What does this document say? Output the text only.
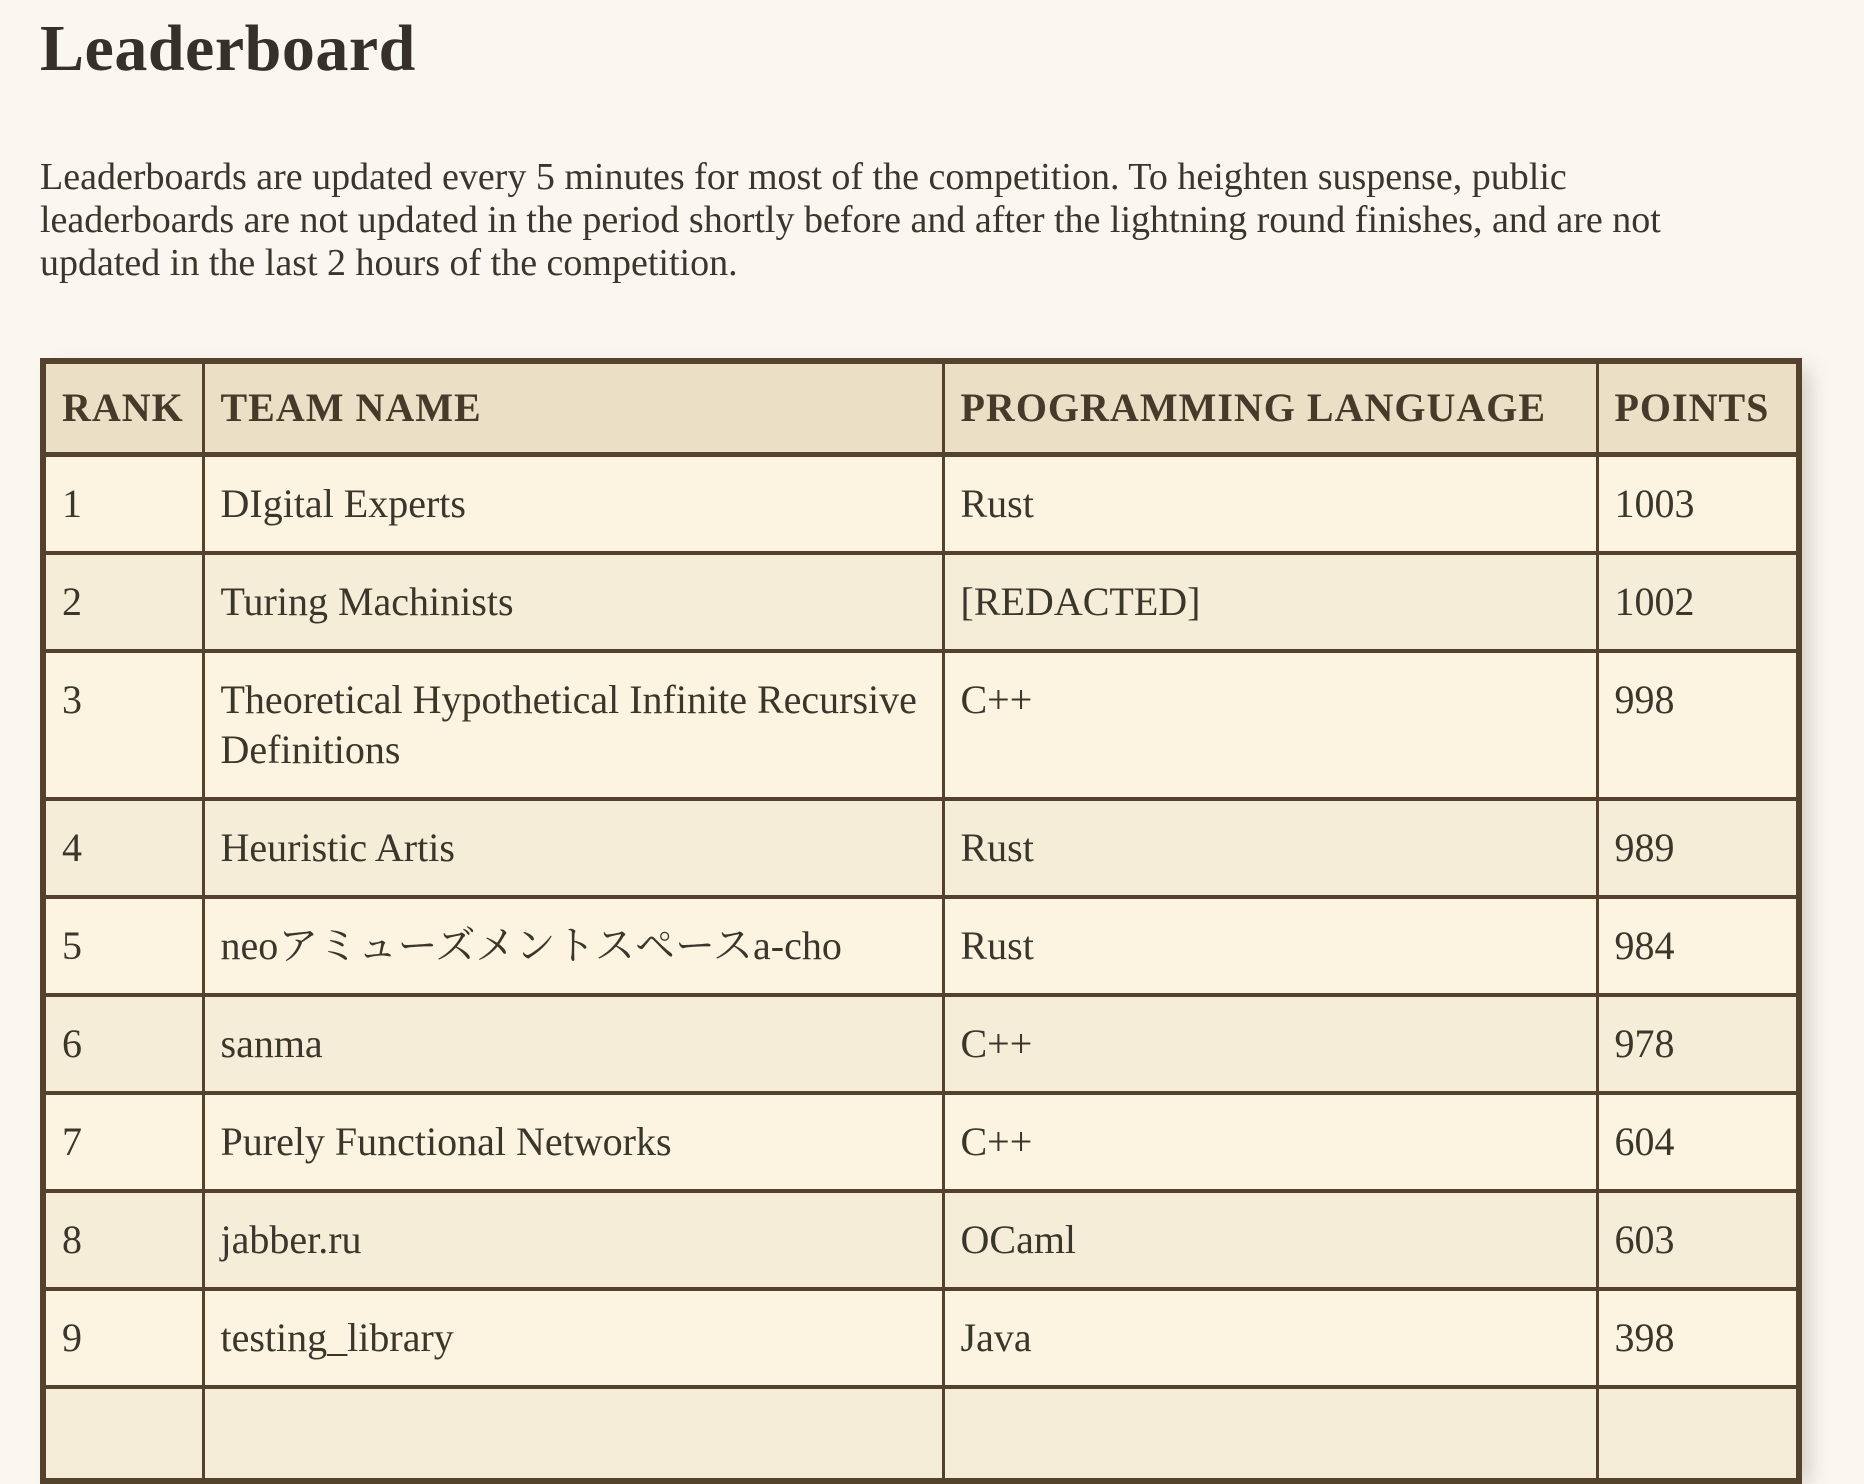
Leaderboard

Leaderboards are updated every 5 minutes for most of the competition. To heighten suspense, public
leaderboards are not updated in the period shortly before and after the lightning round finishes, and are not
updated in the last 2 hours of the competition.

RANK	TEAM NAME	PROGRAMMING LANGUAGE	POINTS
1	DIgital Experts	Rust	1003
2	Turing Machinists	[REDACTED]	1002
3	Theoretical Hypothetical Infinite Recursive Definitions	C++	998
4	Heuristic Artis	Rust	989
5	neoアミューズメントスペースa-cho	Rust	984
6	sanma	C++	978
7	Purely Functional Networks	C++	604
8	jabber.ru	OCaml	603
9	testing_library	Java	398
